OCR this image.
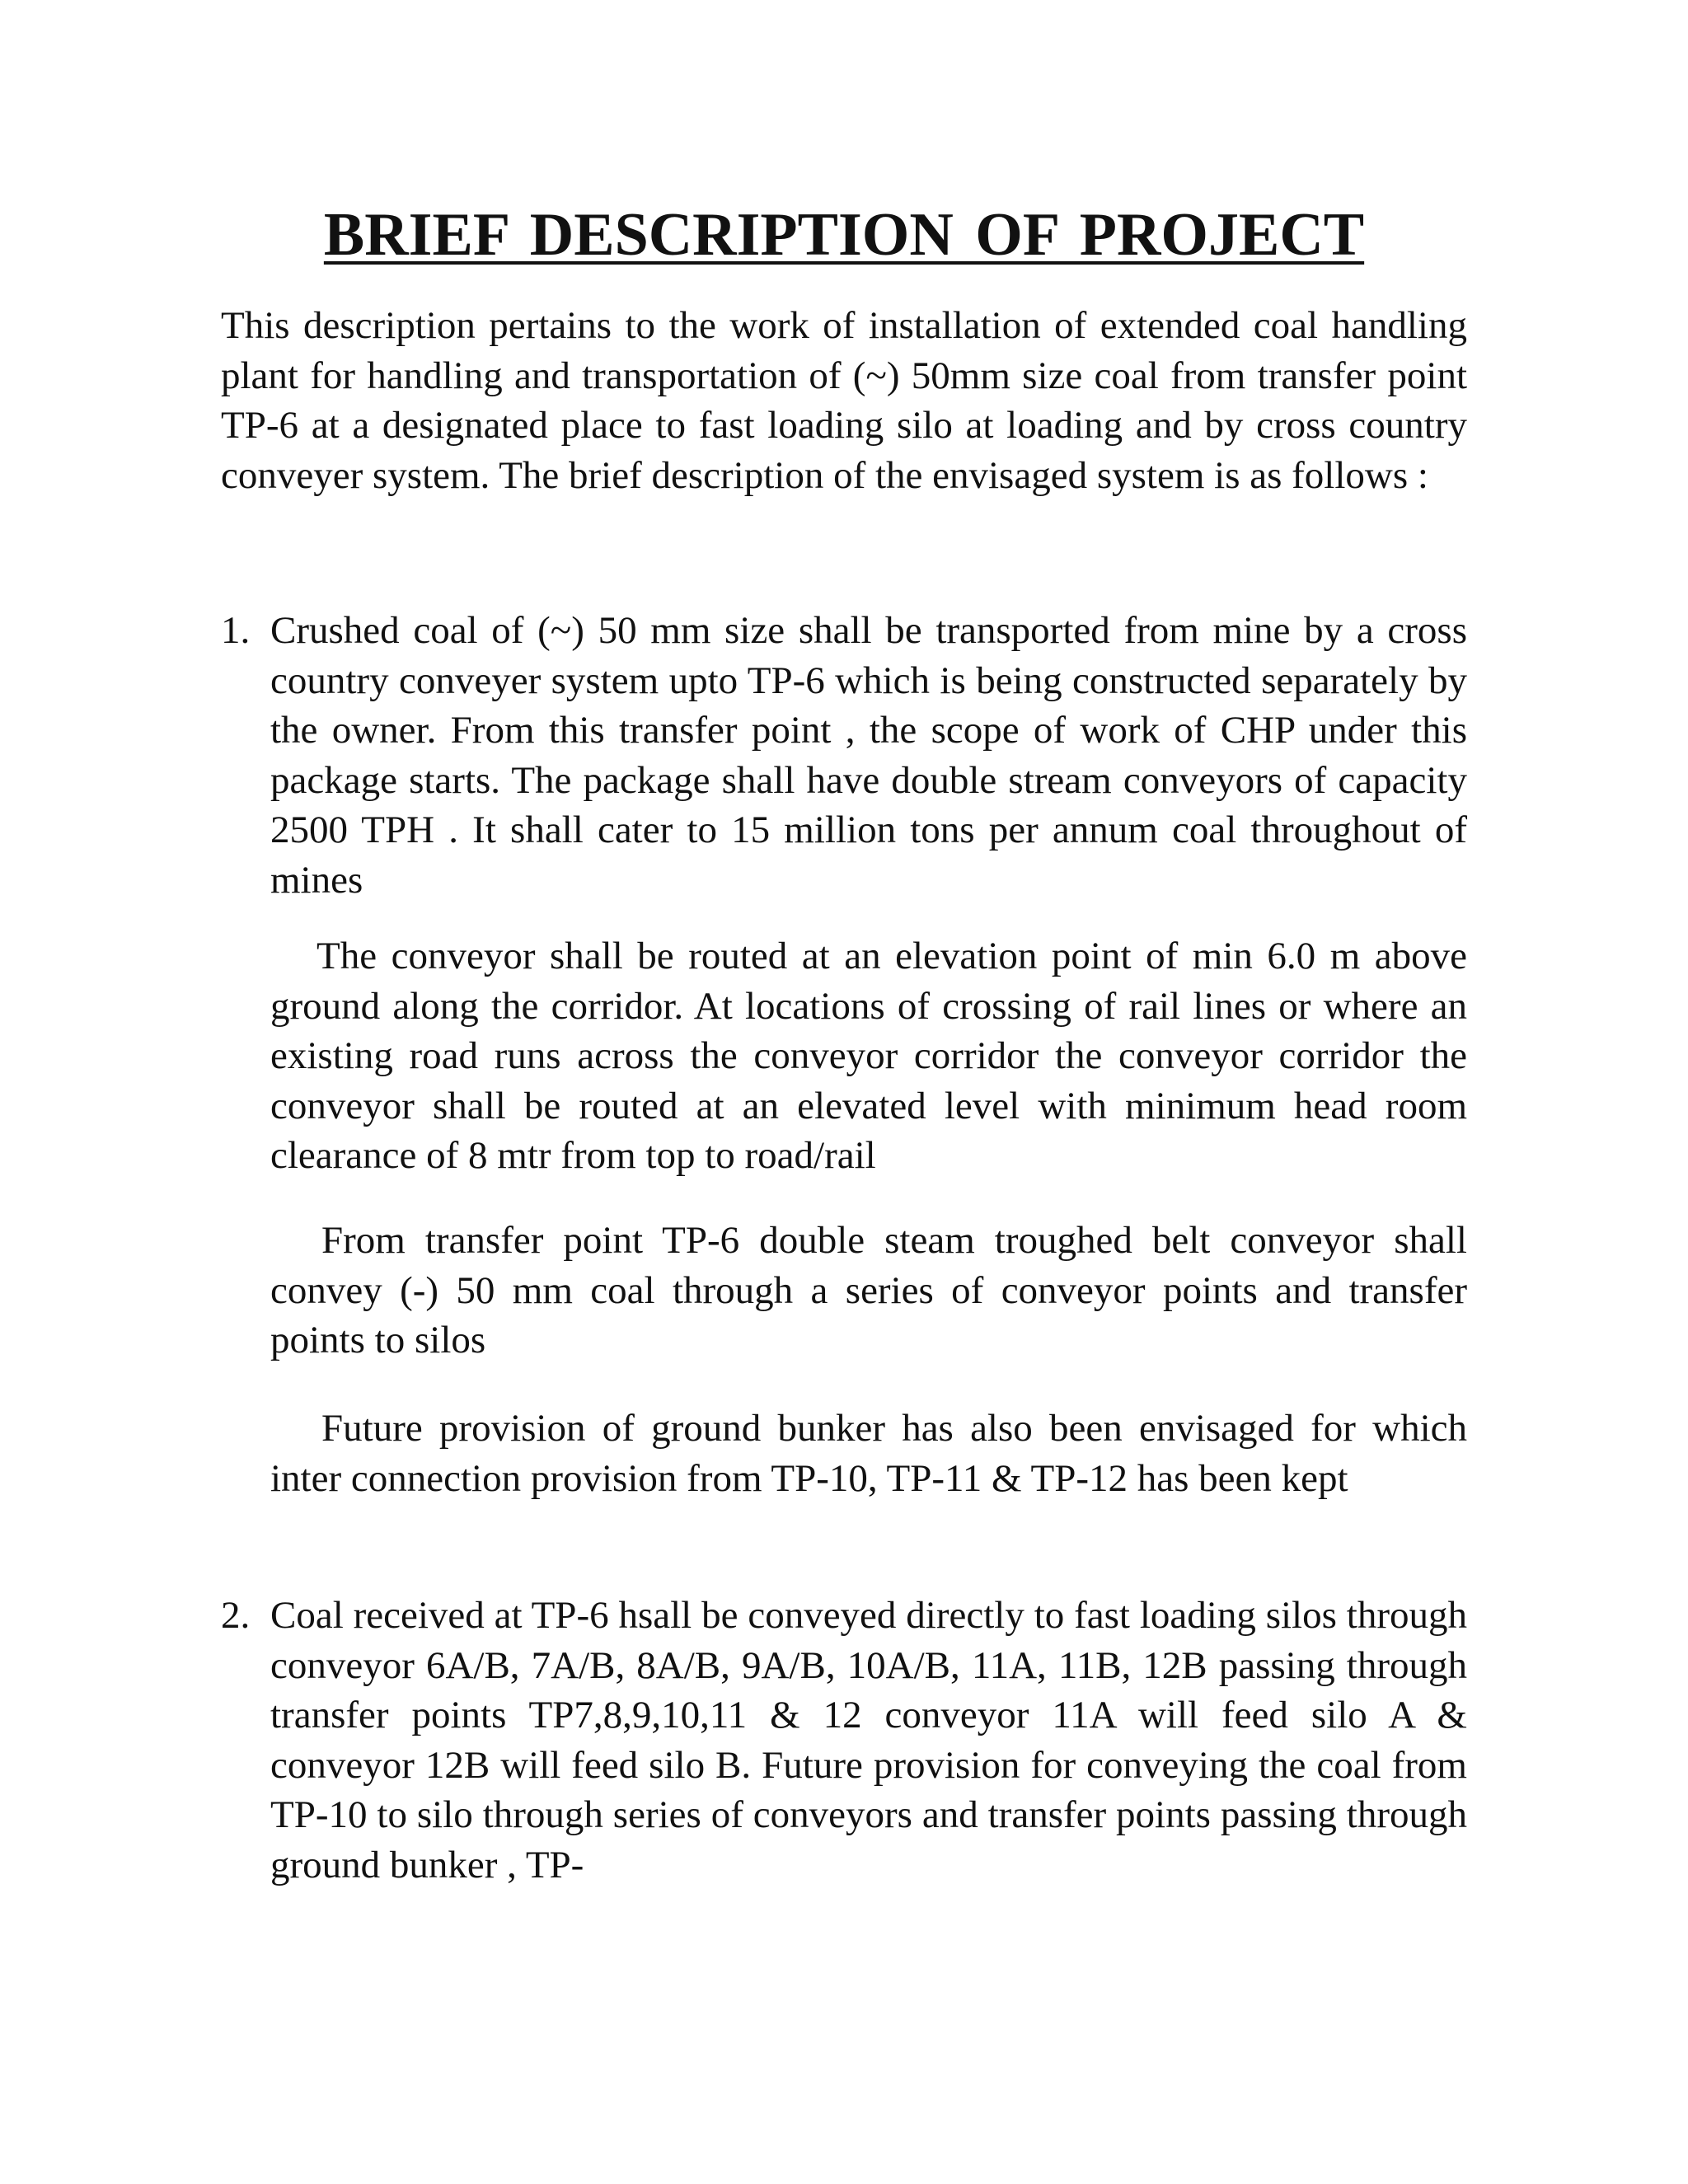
BRIEF DESCRIPTION OF PROJECT

This description pertains to the work of installation of extended coal handling plant for handling and transportation of (~) 50mm size coal from transfer point TP-6 at a designated place to fast loading silo at loading and by cross country conveyer system. The brief description of the envisaged system is as follows :

1. Crushed coal of (~) 50 mm size shall be transported from mine by a cross country conveyer system upto TP-6 which is being constructed separately by the owner. From this transfer point , the scope of work of CHP under this package starts. The package shall have double stream conveyors of capacity 2500 TPH . It shall cater to 15 million tons per annum coal throughout of mines

The conveyor shall be routed at an elevation point of min 6.0 m above ground along the corridor. At locations of crossing of rail lines or where an existing road runs across the conveyor corridor the conveyor corridor the conveyor shall be routed at an elevated level with minimum head room clearance of 8 mtr from top to road/rail

From transfer point TP-6 double steam troughed belt conveyor shall convey (-) 50 mm coal through a series of conveyor points and transfer points to silos

Future provision of ground bunker has also been envisaged for which inter connection provision from TP-10, TP-11 & TP-12 has been kept

2. Coal received at TP-6 hsall be conveyed directly to fast loading silos through conveyor 6A/B, 7A/B, 8A/B, 9A/B, 10A/B, 11A, 11B, 12B passing through transfer points TP7,8,9,10,11 & 12 conveyor 11A will feed silo A & conveyor 12B will feed silo B. Future provision for conveying the coal from TP-10 to silo through series of conveyors and transfer points passing through ground bunker , TP-
